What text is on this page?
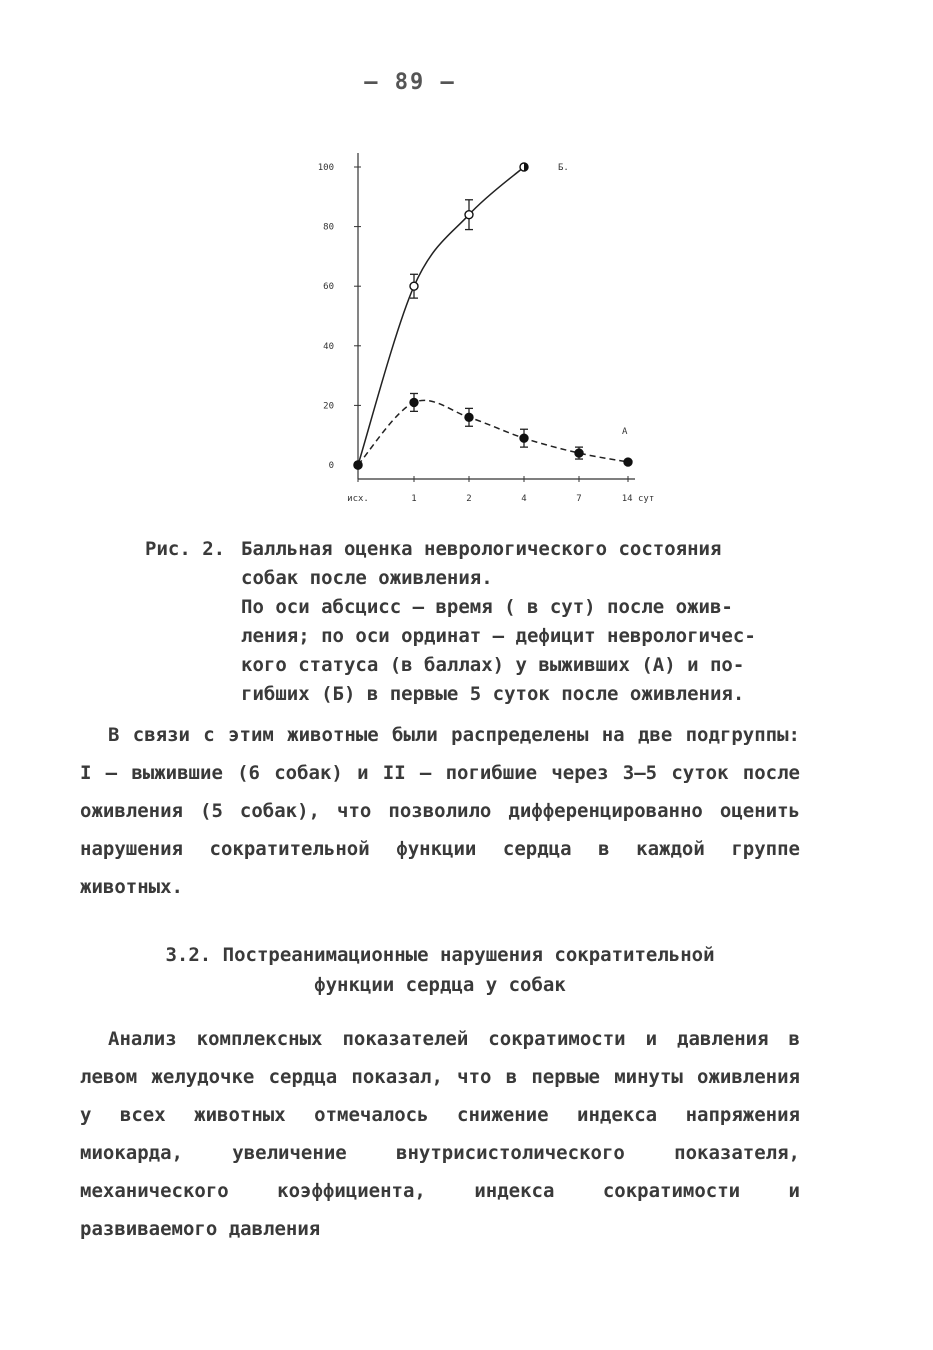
– 89 –
0
20
40
60
80
100
исх.	1	2	4	7	14 сут
Б.
А
Рис. 2. Балльная оценка неврологического состояния
собак после оживления.
По оси абсцисс – время ( в сут) после ожив-
ления; по оси ординат – дефицит неврологичес-
кого статуса (в баллах) у выживших (А) и по-
гибших (Б) в первые 5 суток после оживления.
В связи с этим животные были распределены на две подгруппы: I – выжившие (6 собак) и II – погибшие через 3–5 суток после оживления (5 собак), что позволило дифференцированно оценить нарушения сократительной функции сердца в каждой группе животных.
3.2. Постреанимационные нарушения сократительной
функции сердца у собак
Анализ комплексных показателей сократимости и давления в левом желудочке сердца показал, что в первые минуты оживления у всех животных отмечалось снижение индекса напряжения миокарда, увеличение внутрисистолического показателя, механического коэффициента, индекса сократимости и развиваемого давления
